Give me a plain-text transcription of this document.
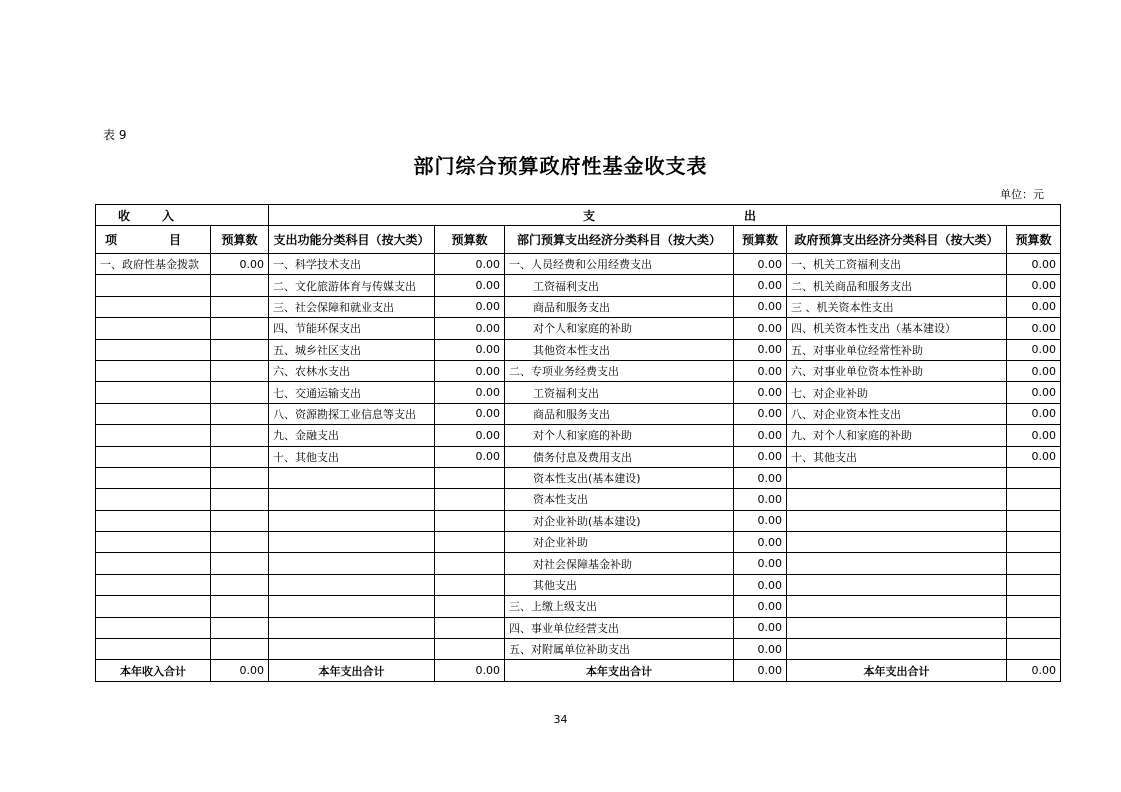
表 9
部门综合预算政府性基金收支表
单位：元
收 入		支 出					

项　目	预算数	支出功能分类科目（按大类）	预算数	部门预算支出经济分类科目（按大类）	预算数	政府预算支出经济分类科目（按大类）	预算数
一、政府性基金拨款	0.00	一、科学技术支出	0.00	一、人员经费和公用经费支出	0.00	一、机关工资福利支出	0.00
		二、文化旅游体育与传媒支出	0.00	工资福利支出	0.00	二、机关商品和服务支出	0.00
		三、社会保障和就业支出	0.00	商品和服务支出	0.00	三 、机关资本性支出	0.00
		四、节能环保支出	0.00	对个人和家庭的补助	0.00	四、机关资本性支出（基本建设）	0.00
		五、城乡社区支出	0.00	其他资本性支出	0.00	五、对事业单位经常性补助	0.00
		六、农林水支出	0.00	二、专项业务经费支出	0.00	六、对事业单位资本性补助	0.00
		七、交通运输支出	0.00	工资福利支出	0.00	七、对企业补助	0.00
		八、资源勘探工业信息等支出	0.00	商品和服务支出	0.00	八、对企业资本性支出	0.00
		九、金融支出	0.00	对个人和家庭的补助	0.00	九、对个人和家庭的补助	0.00
		十、其他支出	0.00	债务付息及费用支出	0.00	十、其他支出	0.00
				资本性支出(基本建设)	0.00		
				资本性支出	0.00		
				对企业补助(基本建设)	0.00		
				对企业补助	0.00		
				对社会保障基金补助	0.00		
				其他支出	0.00		
				三、上缴上级支出	0.00		
				四、事业单位经营支出	0.00		
				五、对附属单位补助支出	0.00		
本年收入合计	0.00	本年支出合计	0.00	本年支出合计	0.00	本年支出合计	0.00
34
